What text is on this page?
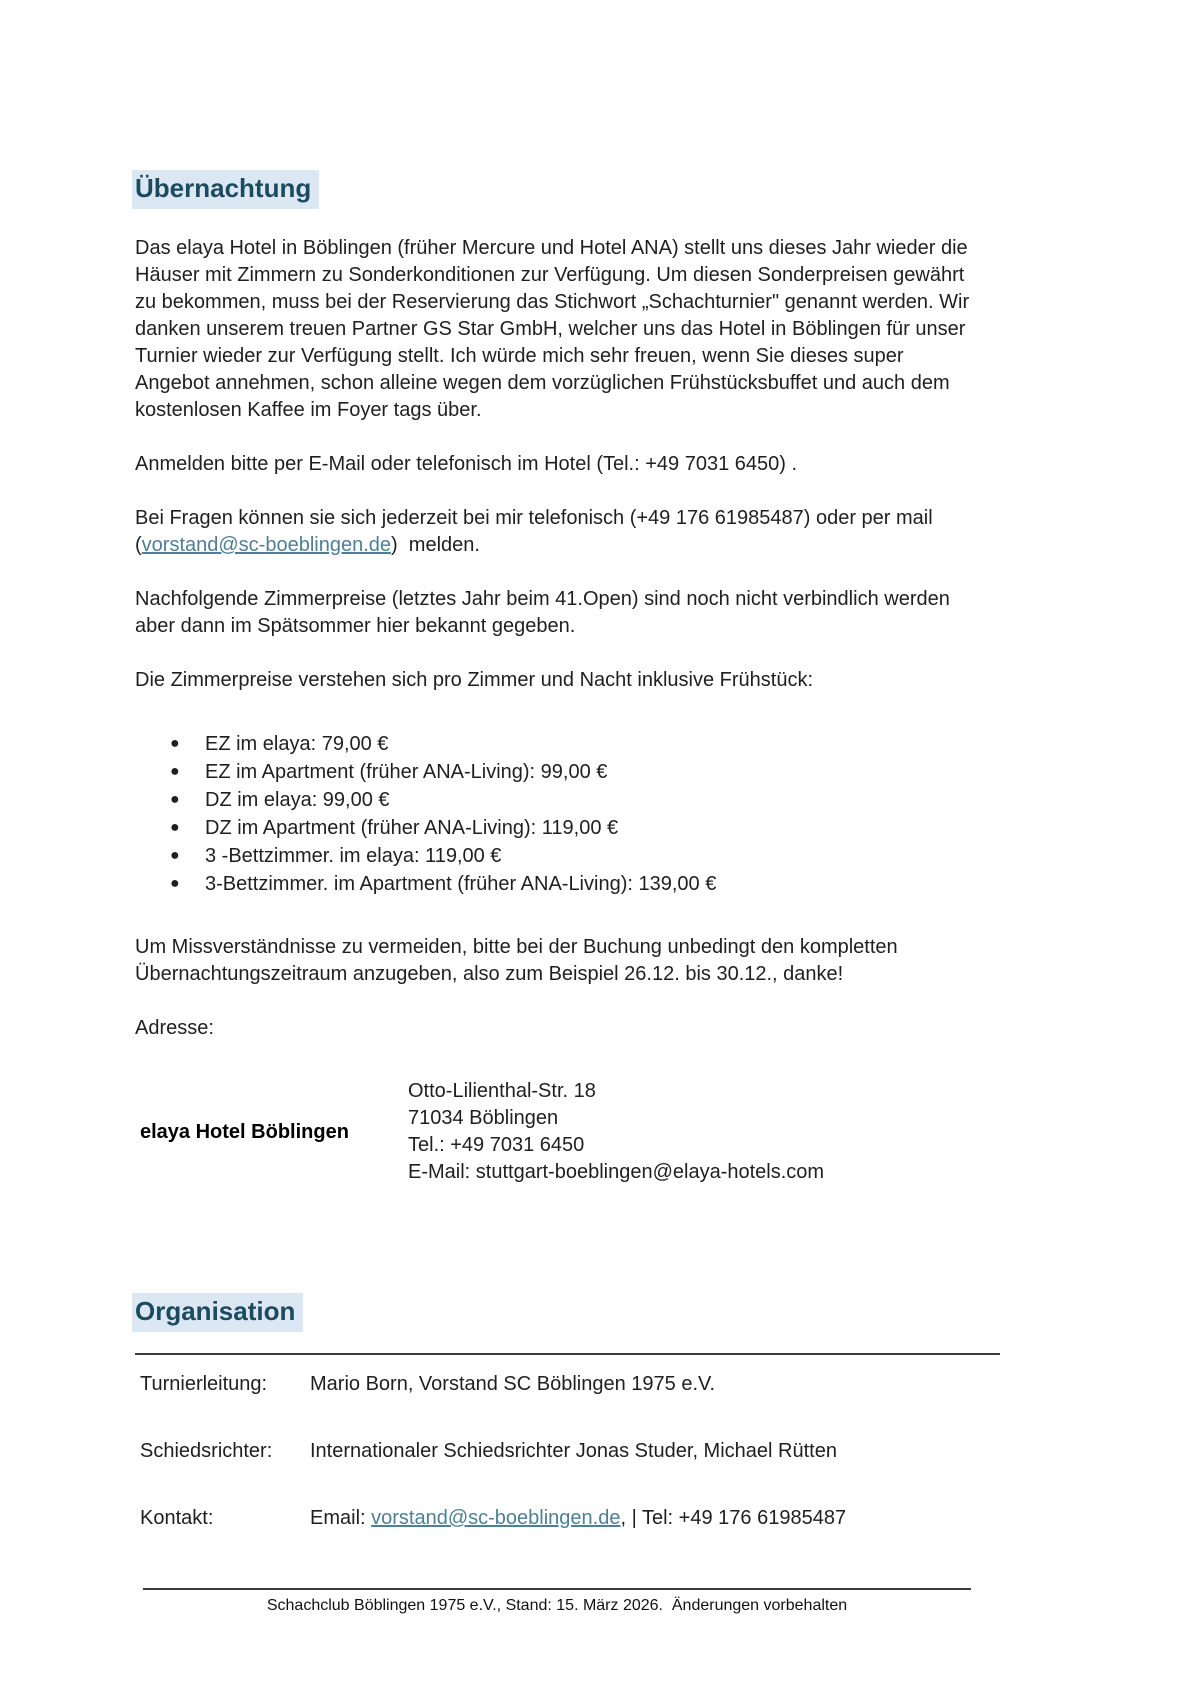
Übernachtung

Das elaya Hotel in Böblingen (früher Mercure und Hotel ANA) stellt uns dieses Jahr wieder die Häuser mit Zimmern zu Sonderkonditionen zur Verfügung. Um diesen Sonderpreisen gewährt zu bekommen, muss bei der Reservierung das Stichwort „Schachturnier" genannt werden. Wir danken unserem treuen Partner GS Star GmbH, welcher uns das Hotel in Böblingen für unser Turnier wieder zur Verfügung stellt. Ich würde mich sehr freuen, wenn Sie dieses super Angebot annehmen, schon alleine wegen dem vorzüglichen Frühstücksbuffet und auch dem kostenlosen Kaffee im Foyer tags über.

Anmelden bitte per E-Mail oder telefonisch im Hotel (Tel.: +49 7031 6450) .

Bei Fragen können sie sich jederzeit bei mir telefonisch (+49 176 61985487) oder per mail (vorstand@sc-boeblingen.de)  melden.

Nachfolgende Zimmerpreise (letztes Jahr beim 41.Open) sind noch nicht verbindlich werden aber dann im Spätsommer hier bekannt gegeben.

Die Zimmerpreise verstehen sich pro Zimmer und Nacht inklusive Frühstück:

●	EZ im elaya: 79,00 €
●	EZ im Apartment (früher ANA-Living): 99,00 €
●	DZ im elaya: 99,00 €
●	DZ im Apartment (früher ANA-Living): 119,00 €
●	3 -Bettzimmer. im elaya: 119,00 €
●	3-Bettzimmer. im Apartment (früher ANA-Living): 139,00 €

Um Missverständnisse zu vermeiden, bitte bei der Buchung unbedingt den kompletten Übernachtungszeitraum anzugeben, also zum Beispiel 26.12. bis 30.12., danke!

Adresse:

elaya Hotel Böblingen
Otto-Lilienthal-Str. 18
71034 Böblingen
Tel.: +49 7031 6450
E-Mail: stuttgart-boeblingen@elaya-hotels.com
Organisation
Turnierleitung:	Mario Born, Vorstand SC Böblingen 1975 e.V.
Schiedsrichter:	Internationaler Schiedsrichter Jonas Studer, Michael Rütten
Kontakt:	Email: vorstand@sc-boeblingen.de, | Tel: +49 176 61985487
Schachclub Böblingen 1975 e.V., Stand: 15. März 2026.  Änderungen vorbehalten
